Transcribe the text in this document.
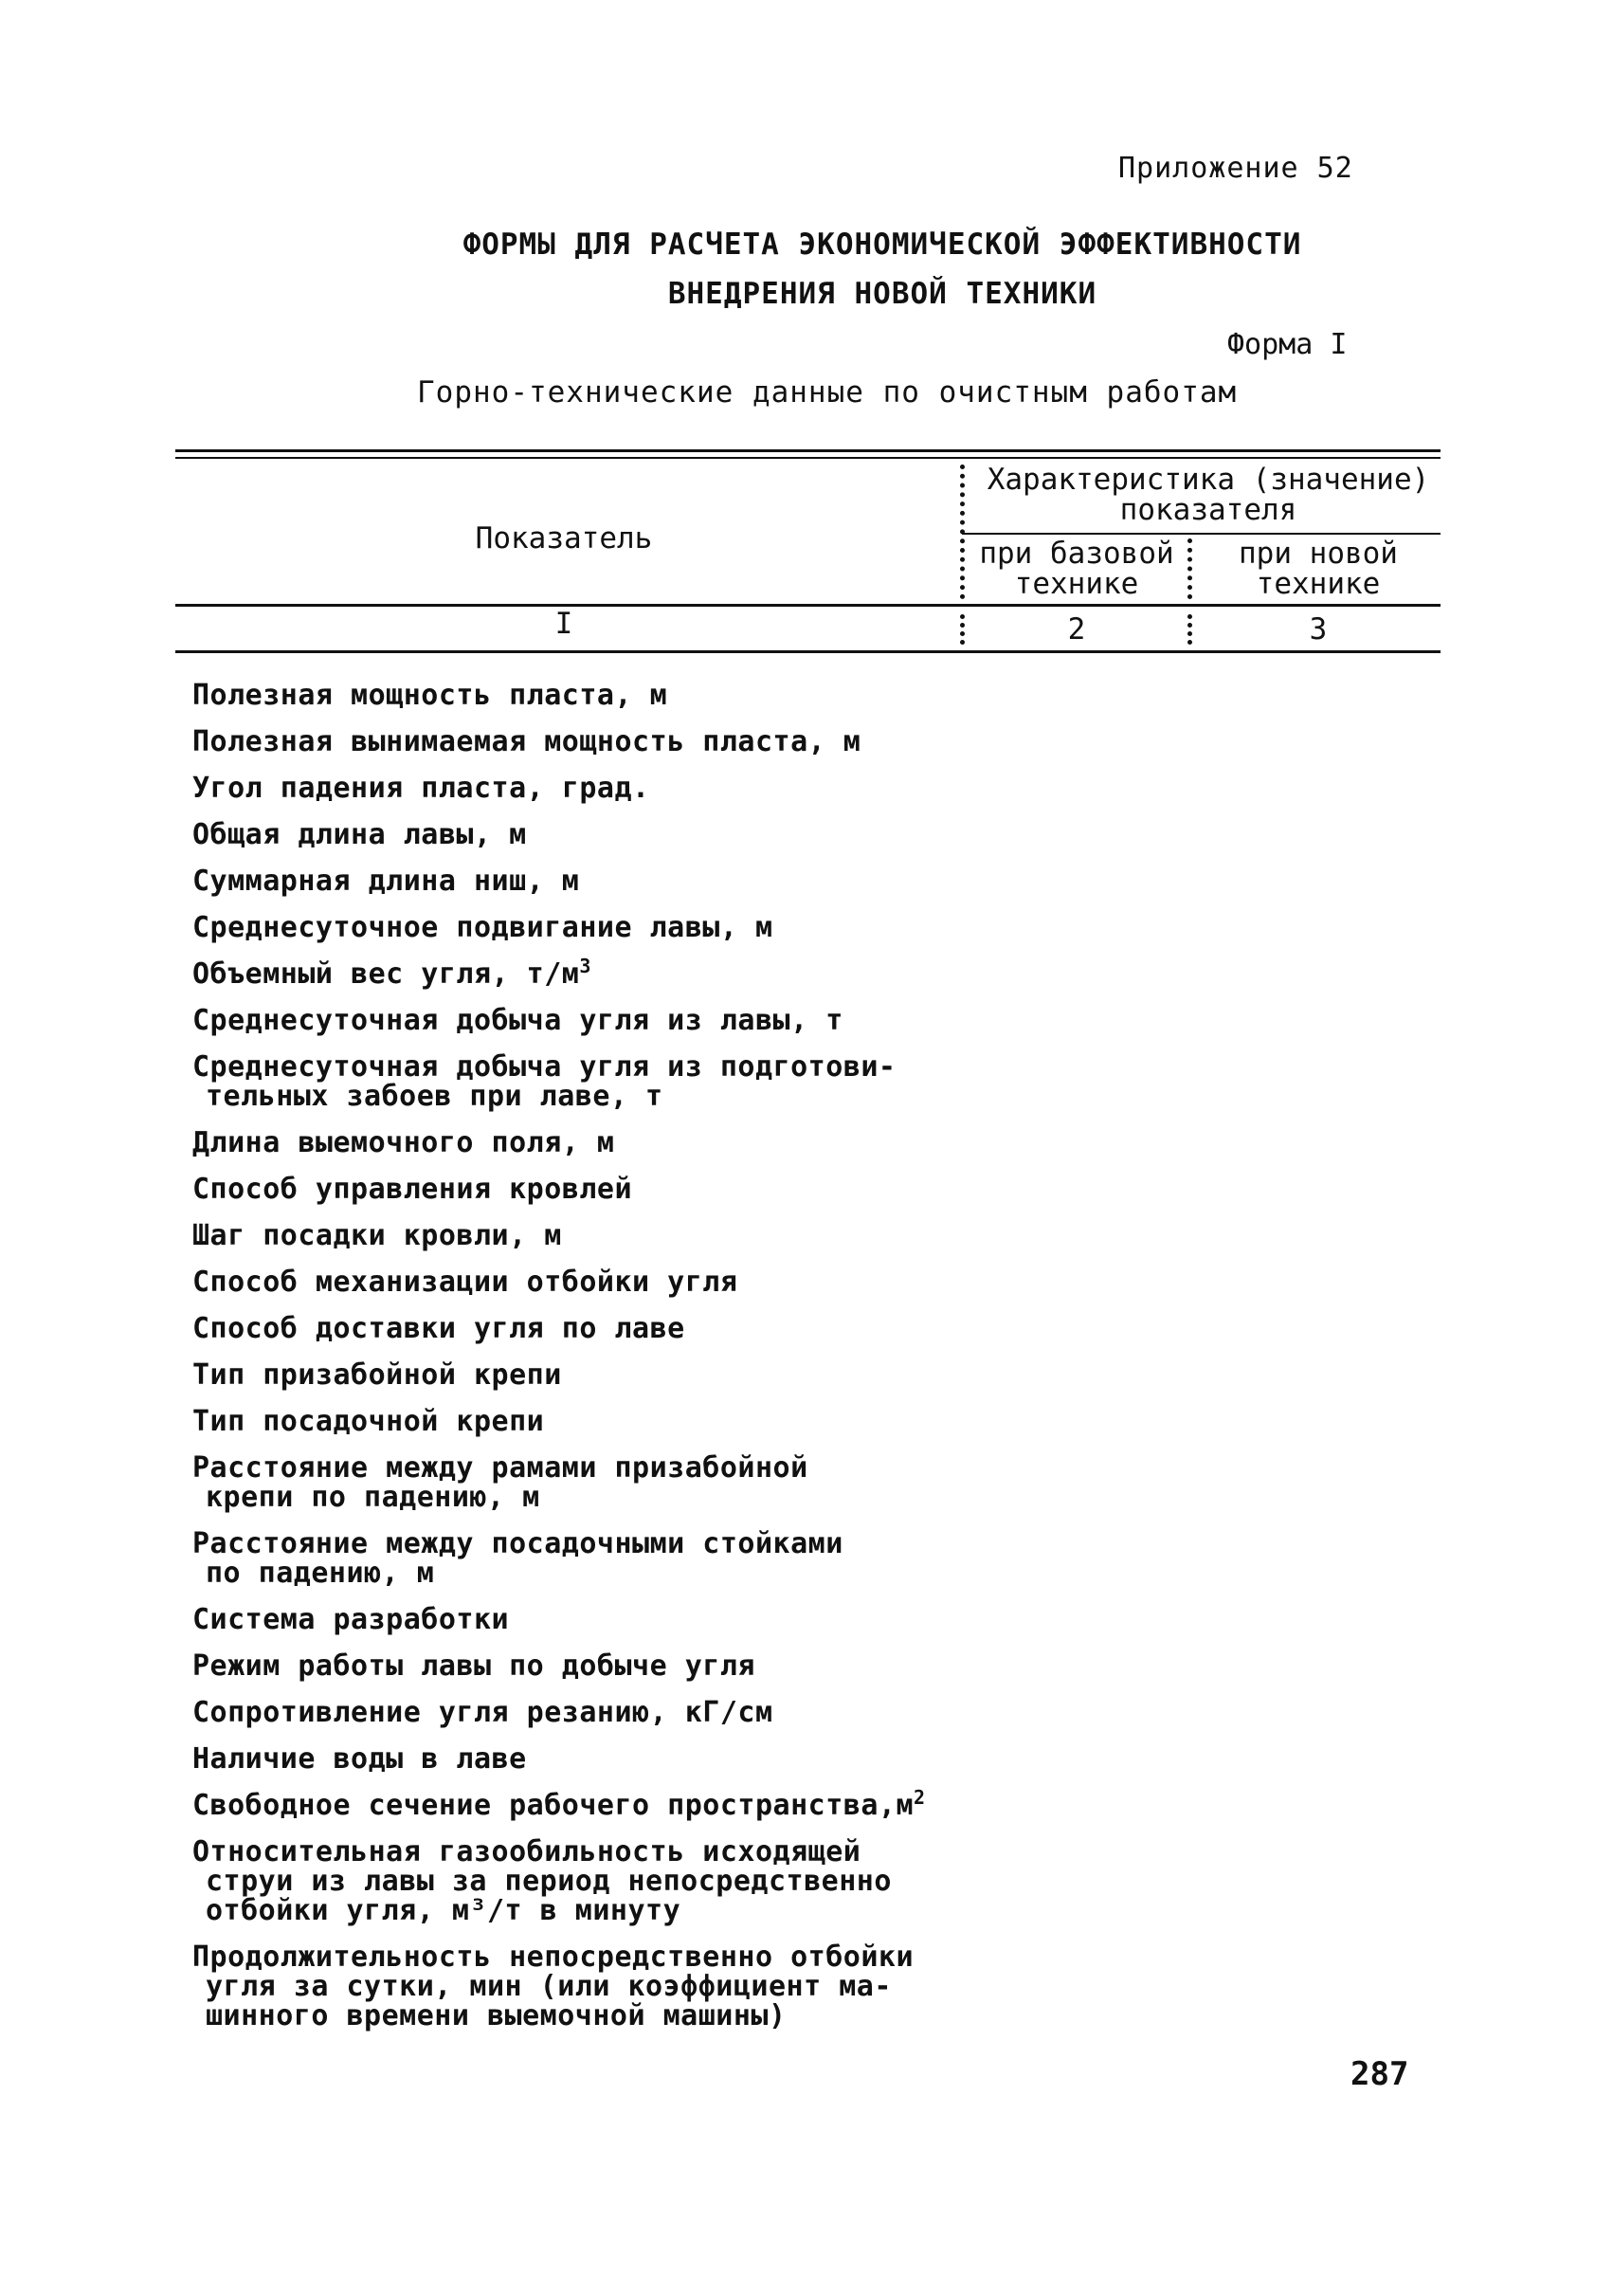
Приложение 52
ФОРМЫ ДЛЯ РАСЧЕТА ЭКОНОМИЧЕСКОЙ ЭФФЕКТИВНОСТИ
ВНЕДРЕНИЯ НОВОЙ ТЕХНИКИ
Форма I
Горно-технические данные по очистным работам
Показатель
Характеристика (значение)
показателя
при базовой
технике
при новой
технике
I	2	3
Полезная мощность пласта, м
Полезная вынимаемая мощность пласта, м
Угол падения пласта, град.
Общая длина лавы, м
Суммарная длина ниш, м
Среднесуточное подвигание лавы, м
Объемный вес угля, $т/м^3$
Среднесуточная добыча угля из лавы, т
Среднесуточная добыча угля из подготови-
тельных забоев при лаве, т
Длина выемочного поля, м
Способ управления кровлей
Шаг посадки кровли, м
Способ механизации отбойки угля
Способ доставки угля по лаве
Тип призабойной крепи
Тип посадочной крепи
Расстояние между рамами призабойной
крепи по падению, м
Расстояние между посадочными стойками
по падению, м
Система разработки
Режим работы лавы по добыче угля
Сопротивление угля резанию, кГ/см
Наличие воды в лаве
Свободное сечение рабочего $пространства,м^2$
Относительная газообильность исходящей
струи из лавы за период непосредственно
отбойки угля, м³/т в минуту
Продолжительность непосредственно отбойки
угля за сутки, мин (или коэффициент ма-
шинного времени выемочной машины)
287
